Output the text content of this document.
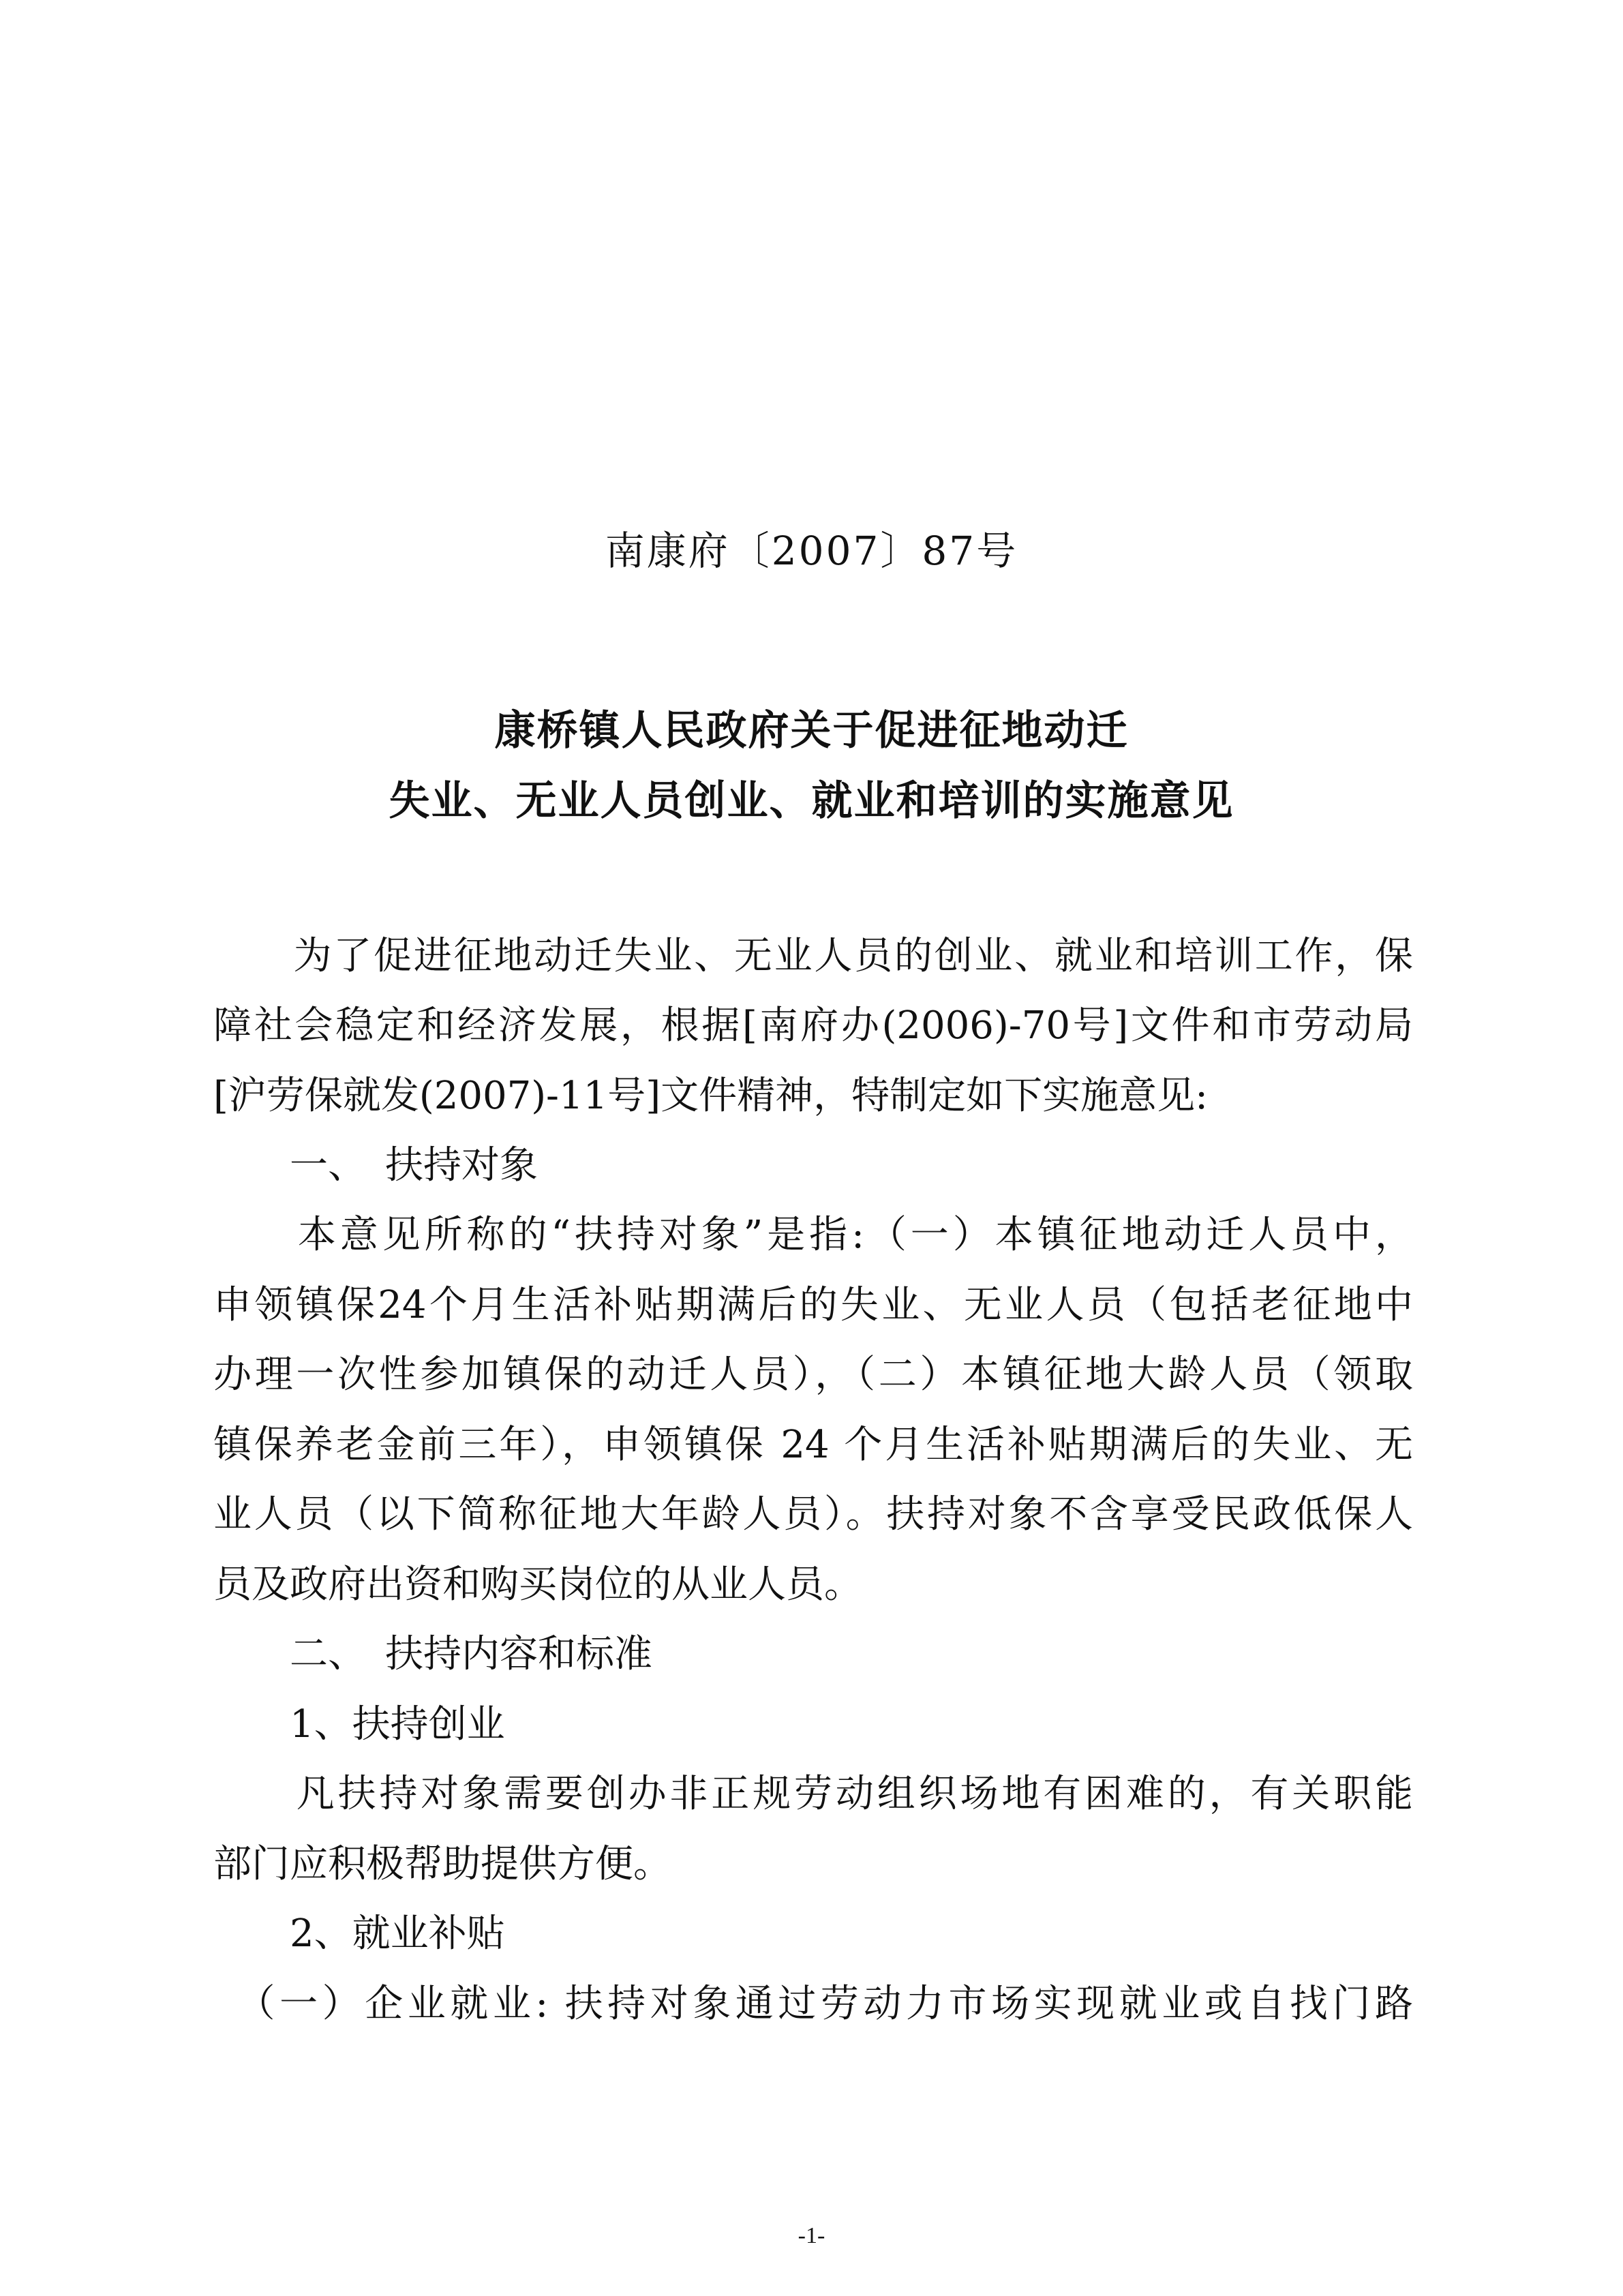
南康府〔2007〕87号
康桥镇人民政府关于促进征地动迁
失业、无业人员创业、就业和培训的实施意见
　　为了促进征地动迁失业、无业人员的创业、就业和培训工作，保
障社会稳定和经济发展，根据[南府办(2006)-70号]文件和市劳动局
[沪劳保就发(2007)-11号]文件精神，特制定如下实施意见:
　　一、　扶持对象
　　本意见所称的“扶持对象”是指:（一）本镇征地动迁人员中，
申领镇保24个月生活补贴期满后的失业、无业人员（包括老征地中
办理一次性参加镇保的动迁人员），（二）本镇征地大龄人员（领取
镇保养老金前三年），申领镇保 24 个月生活补贴期满后的失业、无
业人员（以下简称征地大年龄人员）。扶持对象不含享受民政低保人
员及政府出资和购买岗位的从业人员。
　　二、　扶持内容和标准
　　1、扶持创业
　　凡扶持对象需要创办非正规劳动组织场地有困难的，有关职能
部门应积极帮助提供方便。
　　2、就业补贴
　（一）企业就业: 扶持对象通过劳动力市场实现就业或自找门路
-1-
